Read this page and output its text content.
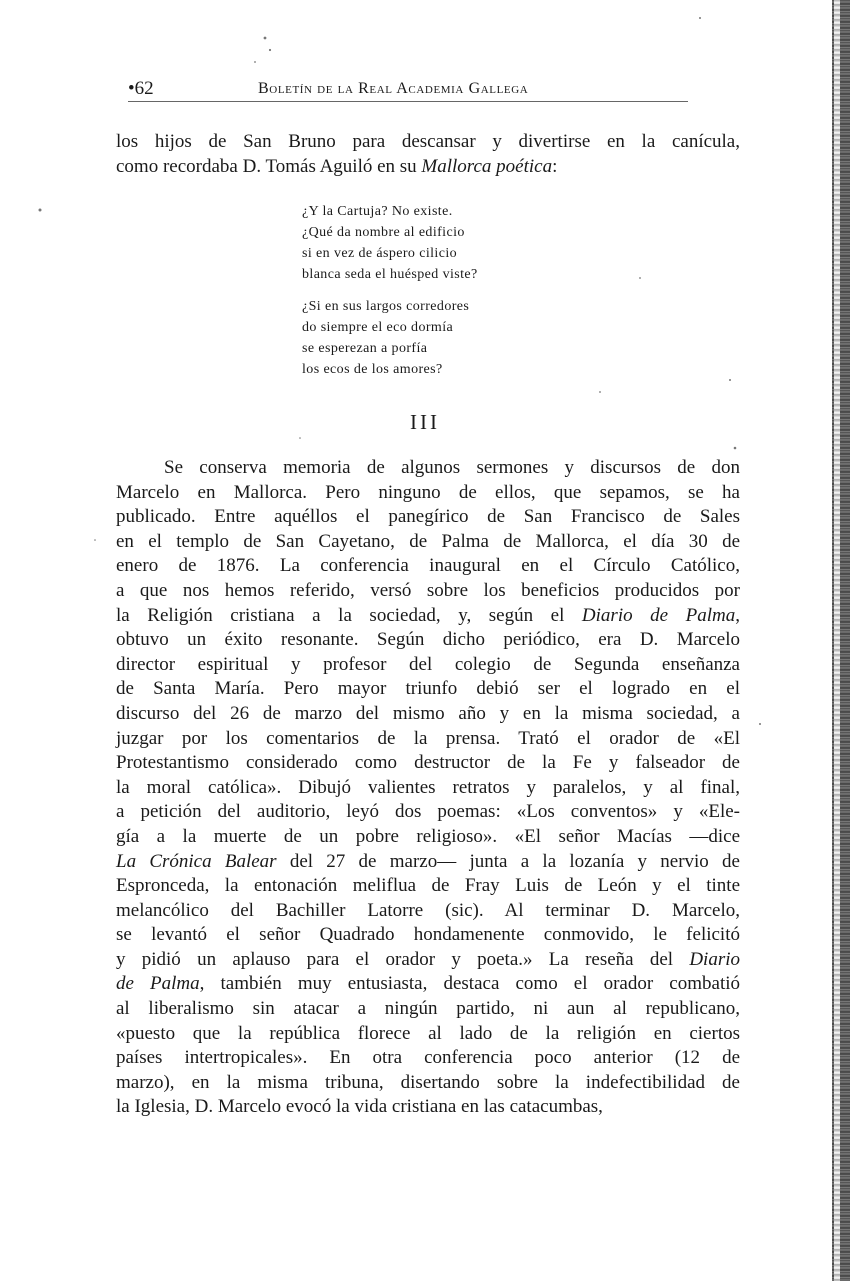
•62	Boletín de la Real Academia Gallega
los hijos de San Bruno para descansar y divertirse en la canícula,
como recordaba D. Tomás Aguiló en su Mallorca poética:
¿Y la Cartuja? No existe.
¿Qué da nombre al edificio
si en vez de áspero cilicio
blanca seda el huésped viste?
¿Si en sus largos corredores
do siempre el eco dormía
se esperezan a porfía
los ecos de los amores?
III
Se conserva memoria de algunos sermones y discursos de don
Marcelo en Mallorca. Pero ninguno de ellos, que sepamos, se ha
publicado. Entre aquéllos el panegírico de San Francisco de Sales
en el templo de San Cayetano, de Palma de Mallorca, el día 30 de
enero de 1876. La conferencia inaugural en el Círculo Católico,
a que nos hemos referido, versó sobre los beneficios producidos por
la Religión cristiana a la sociedad, y, según el Diario de Palma,
obtuvo un éxito resonante. Según dicho periódico, era D. Marcelo
director espiritual y profesor del colegio de Segunda enseñanza
de Santa María. Pero mayor triunfo debió ser el logrado en el
discurso del 26 de marzo del mismo año y en la misma sociedad, a
juzgar por los comentarios de la prensa. Trató el orador de «El
Protestantismo considerado como destructor de la Fe y falseador de
la moral católica». Dibujó valientes retratos y paralelos, y al final,
a petición del auditorio, leyó dos poemas: «Los conventos» y «Ele-
gía a la muerte de un pobre religioso». «El señor Macías —dice
La Crónica Balear del 27 de marzo— junta a la lozanía y nervio de
Espronceda, la entonación meliflua de Fray Luis de León y el tinte
melancólico del Bachiller Latorre (sic). Al terminar D. Marcelo,
se levantó el señor Quadrado hondamenente conmovido, le felicitó
y pidió un aplauso para el orador y poeta.» La reseña del Diario
de Palma, también muy entusiasta, destaca como el orador combatió
al liberalismo sin atacar a ningún partido, ni aun al republicano,
«puesto que la república florece al lado de la religión en ciertos
países intertropicales». En otra conferencia poco anterior (12 de
marzo), en la misma tribuna, disertando sobre la indefectibilidad de
la Iglesia, D. Marcelo evocó la vida cristiana en las catacumbas,
